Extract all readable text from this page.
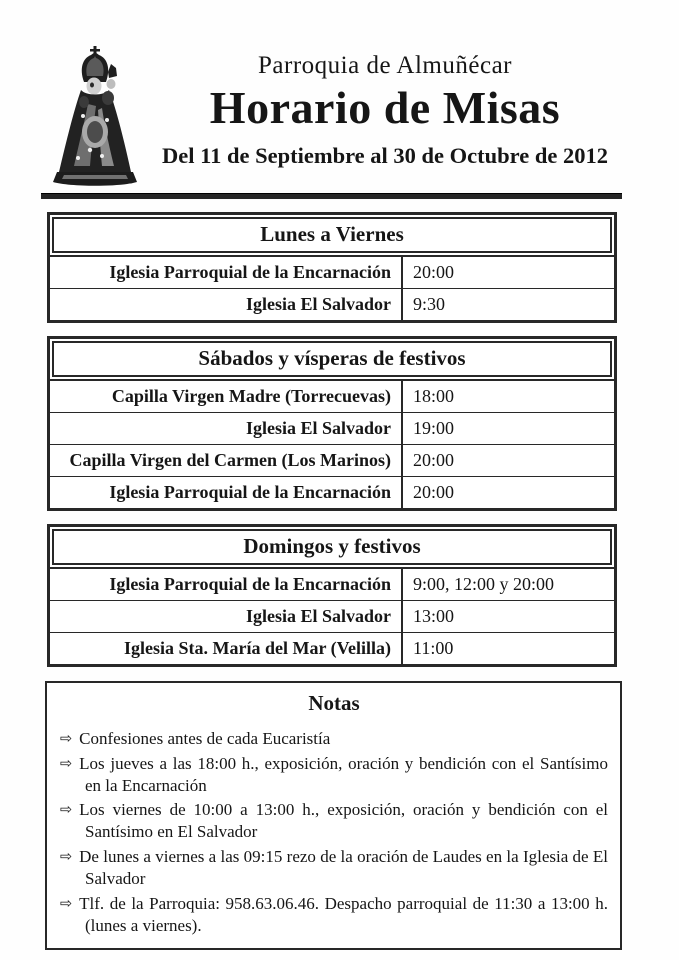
Parroquia de Almuñécar
Horario de Misas
Del 11 de Septiembre al 30 de Octubre de 2012
Lunes a Viernes
Iglesia Parroquial de la Encarnación	20:00
Iglesia El Salvador	9:30
Sábados y vísperas de festivos
Capilla Virgen Madre (Torrecuevas)	18:00
Iglesia El Salvador	19:00
Capilla Virgen del Carmen (Los Marinos)	20:00
Iglesia Parroquial de la Encarnación	20:00
Domingos y festivos
Iglesia Parroquial de la Encarnación	9:00, 12:00 y 20:00
Iglesia El Salvador	13:00
Iglesia Sta. María del Mar (Velilla)	11:00
Notas
⇨ Confesiones antes de cada Eucaristía
⇨ Los jueves a las 18:00 h., exposición, oración y bendición con el Santísimo en la Encarnación
⇨ Los viernes de 10:00 a 13:00 h., exposición, oración y bendición con el Santísimo en El Salvador
⇨ De lunes a viernes a las 09:15 rezo de la oración de Laudes en la Iglesia de El Salvador
⇨ Tlf. de la Parroquia: 958.63.06.46. Despacho parroquial de 11:30 a 13:00 h. (lunes a viernes).
